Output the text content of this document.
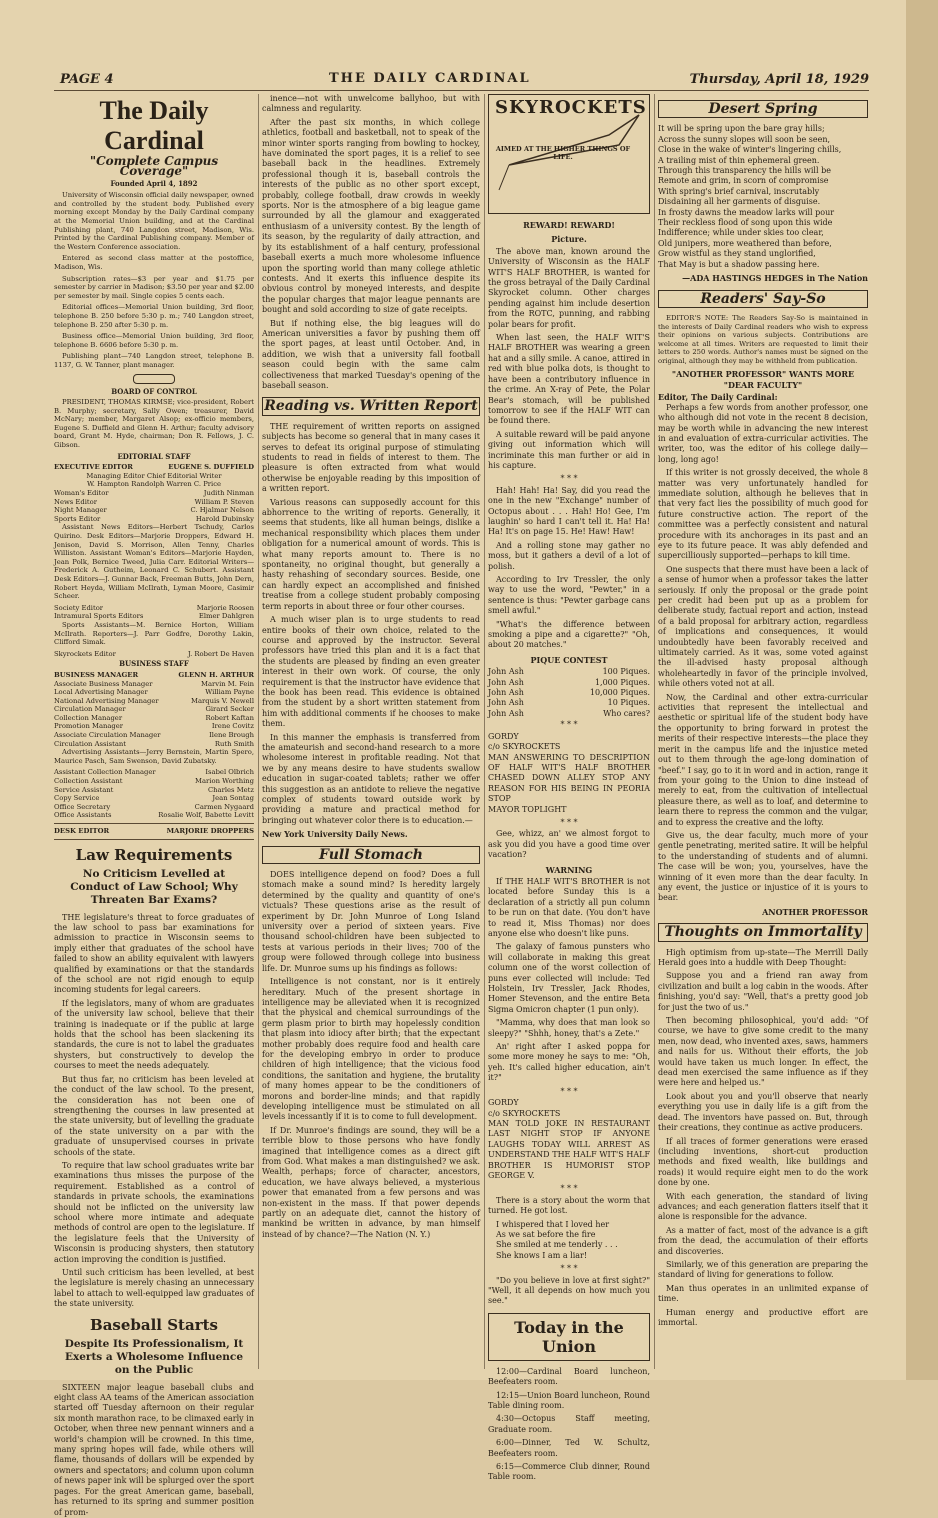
PAGE 4	THE DAILY CARDINAL	Thursday, April 18, 1929
The Daily Cardinal
"Complete Campus Coverage"
Founded April 4, 1892

University of Wisconsin official daily newspaper, owned and controlled by the student body. Published every morning except Monday by the Daily Cardinal company at the Memorial Union building, and at the Cardinal Publishing plant, 740 Langdon street, Madison, Wis. Printed by the Cardinal Publishing company. Member of the Western Conference association.

Entered as second class matter at the postoffice, Madison, Wis.

Subscription rates—$3 per year and $1.75 per semester by carrier in Madison; $3.50 per year and $2.00 per semester by mail. Single copies 5 cents each.

Editorial offices—Memorial Union building, 3rd floor, telephone B. 250 before 5:30 p. m.; 740 Langdon street, telephone B. 250 after 5:30 p. m.

Business office—Memorial Union building, 3rd floor, telephone B. 6606 before 5:30 p. m.

Publishing plant—740 Langdon street, telephone B. 1137, G. W. Tanner, plant manager.

BOARD OF CONTROL

PRESIDENT, THOMAS KIRMSE; vice-president, Robert B. Murphy; secretary, Sally Owen; treasurer, David McNary; member, Margaret Alsop; ex-officio members, Eugene S. Duffield and Glenn H. Arthur; faculty advisory board, Grant M. Hyde, chairman; Don R. Fellows, J. C. Gibson.

EDITORIAL STAFF
EXECUTIVE EDITOR	EUGENE S. DUFFIELD
Managing Editor Chief Editorial Writer
W. Hampton Randolph Warren C. Price
Woman's Editor	Judith Ninman
News Editor	William P. Steven
Night Manager	C. Hjalmar Nelson
Sports Editor	Harold Dubinsky

Assistant News Editors—Herbert Tschudy, Carlos Quirino. Desk Editors—Marjorie Droppers, Edward H. Jenison, David S. Morrison, Allen Tenny, Charles Williston. Assistant Woman's Editors—Marjorie Hayden, Jean Polk, Bernice Tweed, Julia Carr. Editorial Writers—Frederick A. Gutheim, Leonard C. Schubert. Assistant Desk Editors—J. Gunnar Back, Freeman Butts, John Dern, Robert Heyda, William McIlrath, Lyman Moore, Casimir Scheer.

Society Editor	Marjorie Roosen
Intramural Sports Editors	Elmer Dahlgren

Sports Assistants—M. Bernice Horton, William McIlrath. Reporters—J. Parr Godfre, Dorothy Lakin, Clifford Simak.

Skyrockets Editor	J. Robert De Haven
BUSINESS STAFF
BUSINESS MANAGER	GLENN H. ARTHUR
Associate Business Manager	Marvin M. Fein
Local Advertising Manager	William Payne
National Advertising Manager	Marquis V. Newell
Circulation Manager	Girard Secker
Collection Manager	Robert Kaftan
Promotion Manager	Irene Covitz
Associate Circulation Manager	Ilene Brough
Circulation Assistant	Ruth Smith

Advertising Assistants—Jerry Bernstein, Martin Spero, Maurice Pasch, Sam Swenson, David Zubatsky.

Assistant Collection Manager	Isabel Olbrich
Collection Assistant	Marion Worthing
Service Assistant	Charles Metz
Copy Service	Jean Sontag
Office Secretary	Carmen Nygaard
Office Assistants	Rosalie Wolf, Babette Levitt
DESK EDITOR	MARJORIE DROPPERS
Law Requirements
No Criticism Levelled at Conduct of Law School; Why Threaten Bar Exams?

THE legislature's threat to force graduates of the law school to pass bar examinations for admission to practice in Wisconsin seems to imply either that graduates of the school have failed to show an ability equivalent with lawyers qualified by examinations or that the standards of the school are not rigid enough to equip incoming students for legal careers.

If the legislators, many of whom are graduates of the university law school, believe that their training is inadequate or if the public at large holds that the school has been slackening its standards, the cure is not to label the graduates shysters, but constructively to develop the courses to meet the needs adequately.

But thus far, no criticism has been leveled at the conduct of the law school. To the present, the consideration has not been one of strengthening the courses in law presented at the state university, but of levelling the graduate of the state university on a par with the graduate of unsupervised courses in private schools of the state.

To require that law school graduates write bar examinations thus misses the purpose of the requirement. Established as a control of standards in private schools, the examinations should not be inflicted on the university law school where more intimate and adequate methods of control are open to the legislature. If the legislature feels that the University of Wisconsin is producing shysters, then statutory action improving the condition is justified.

Until such criticism has been levelled, at best the legislature is merely chasing an unnecessary label to attach to well-equipped law graduates of the state university.

Baseball Starts
Despite Its Professionalism, It Exerts a Wholesome Influence on the Public

SIXTEEN major league baseball clubs and eight class AA teams of the American association started off Tuesday afternoon on their regular six month marathon race, to be climaxed early in October, when three new pennant winners and a world's champion will be crowned. In this time, many spring hopes will fade, while others will flame, thousands of dollars will be expended by owners and spectators; and column upon column of news paper ink will be splurged over the sport pages. For the great American game, baseball, has returned to its spring and summer position of prom-

inence—not with unwelcome ballyhoo, but with calmness and regularity.

After the past six months, in which college athletics, football and basketball, not to speak of the minor winter sports ranging from bowling to hockey, have dominated the sport pages, it is a relief to see baseball back in the headlines. Extremely professional though it is, baseball controls the interests of the public as no other sport except, probably, college football, draw crowds in weekly sports. Nor is the atmosphere of a big league game surrounded by all the glamour and exaggerated enthusiasm of a university contest. By the length of its season, by the regularity of daily attraction, and by its establishment of a half century, professional baseball exerts a much more wholesome influence upon the sporting world than many college athletic contests. And it exerts this influence despite its obvious control by moneyed interests, and despite the popular charges that major league pennants are bought and sold according to size of gate receipts.

But if nothing else, the big leagues will do American universities a favor by pushing them off the sport pages, at least until October. And, in addition, we wish that a university fall football season could begin with the same calm collectiveness that marked Tuesday's opening of the baseball season.

Reading vs. Written Report

THE requirement of written reports on assigned subjects has become so general that in many cases it serves to defeat its original purpose of stimulating students to read in fields of interest to them. The pleasure is often extracted from what would otherwise be enjoyable reading by this imposition of a written report.

Various reasons can supposedly account for this abhorrence to the writing of reports. Generally, it seems that students, like all human beings, dislike a mechanical responsibility which places them under obligation for a numerical amount of words. This is what many reports amount to. There is no spontaneity, no original thought, but generally a hasty rehashing of secondary sources. Beside, one can hardly expect an accomplished and finished treatise from a college student probably composing term reports in about three or four other courses.

A much wiser plan is to urge students to read entire books of their own choice, related to the course and approved by the instructor. Several professors have tried this plan and it is a fact that the students are pleased by finding an even greater interest in their own work. Of course, the only requirement is that the instructor have evidence that the book has been read. This evidence is obtained from the student by a short written statement from him with additional comments if he chooses to make them.

In this manner the emphasis is transferred from the amateurish and second-hand research to a more wholesome interest in profitable reading. Not that we by any means desire to have students swallow education in sugar-coated tablets; rather we offer this suggestion as an antidote to relieve the negative complex of students toward outside work by providing a mature and practical method for bringing out whatever color there is to education.—

New York University Daily News.
Full Stomach

DOES intelligence depend on food? Does a full stomach make a sound mind? Is heredity largely determined by the quality and quantity of one's victuals? These questions arise as the result of experiment by Dr. John Munroe of Long Island university over a period of sixteen years. Five thousand school-children have been subjected to tests at various periods in their lives; 700 of the group were followed through college into business life. Dr. Munroe sums up his findings as follows:

Intelligence is not constant, nor is it entirely hereditary. Much of the present shortage in intelligence may be alleviated when it is recognized that the physical and chemical surroundings of the germ plasm prior to birth may hopelessly condition that plasm into idiocy after birth; that the expectant mother probably does require food and health care for the developing embryo in order to produce children of high intelligence; that the vicious food conditions, the sanitation and hygiene, the brutality of many homes appear to be the conditioners of morons and border-line minds; and that rapidly developing intelligence must be stimulated on all levels incessantly if it is to come to full development.

If Dr. Munroe's findings are sound, they will be a terrible blow to those persons who have fondly imagined that intelligence comes as a direct gift from God. What makes a man distinguished? we ask. Wealth, perhaps; force of character, ancestors, education, we have always believed, a mysterious power that emanated from a few persons and was non-existent in the mass. If that power depends partly on an adequate diet, cannot the history of mankind be written in advance, by man himself instead of by chance?—The Nation (N. Y.)

SKYROCKETS
AIMED AT THE HIGHER THINGS OF LIFE.
REWARD! REWARD!
Picture.

The above man, known around the University of Wisconsin as the HALF WIT'S HALF BROTHER, is wanted for the gross betrayal of the Daily Cardinal Skyrocket column. Other charges pending against him include desertion from the ROTC, punning, and rabbing polar bears for profit.

When last seen, the HALF WIT'S HALF BROTHER was wearing a green hat and a silly smile. A canoe, attired in red with blue polka dots, is thought to have been a contributory influence in the crime. An X-ray of Pete, the Polar Bear's stomach, will be published tomorrow to see if the HALF WIT can be found there.

A suitable reward will be paid anyone giving out information which will incriminate this man further or aid in his capture.

* * *

Hah! Hah! Ha! Say, did you read the one in the new "Exchange" number of Octopus about . . . Hah! Ho! Gee, I'm laughin' so hard I can't tell it. Ha! Ha! Ha! It's on page 15. He! Haw! Haw!

And a rolling stone may gather no moss, but it gathers a devil of a lot of polish.

According to Irv Tressler, the only way to use the word, "Pewter," in a sentence is thus: "Pewter garbage cans smell awful."

"What's the difference between smoking a pipe and a cigarette?" "Oh, about 20 matches."

PIQUE CONTEST
John Ash	100 Piques.
John Ash	1,000 Piques.
John Ash	10,000 Piques.
John Ash	10 Piques.
John Ash	Who cares?
* * *

GORDY
c/o SKYROCKETS
MAN ANSWERING TO DESCRIPTION OF HALF WIT'S HALF BROTHER CHASED DOWN ALLEY STOP ANY REASON FOR HIS BEING IN PEORIA STOP
MAYOR TOPLIGHT

* * *

Gee, whizz, an' we almost forgot to ask you did you have a good time over vacation?

WARNING

If THE HALF WIT'S BROTHER is not located before Sunday this is a declaration of a strictly all pun column to be run on that date. (You don't have to read it, Miss Thomas) nor does anyone else who doesn't like puns.

The galaxy of famous punsters who will collaborate in making this great column one of the worst collection of puns ever collected will include: Ted Holstein, Irv Tressler, Jack Rhodes, Homer Stevenson, and the entire Beta Sigma Omicron chapter (1 pun only).

"Mamma, why does that man look so sleepy?" "Shhh, honey, that's a Zete."

An' right after I asked poppa for some more money he says to me: "Oh, yeh. It's called higher education, ain't it?"

* * *

GORDY
c/o SKYROCKETS
MAN TOLD JOKE IN RESTAURANT LAST NIGHT STOP IF ANYONE LAUGHS TODAY WILL ARREST AS UNDERSTAND THE HALF WIT'S HALF BROTHER IS HUMORIST STOP GEORGE V.

* * *

There is a story about the worm that turned. He got lost.

I whispered that I loved her
As we sat before the fire
She smiled at me tenderly . . .
She knows I am a liar!

* * *

"Do you believe in love at first sight?" "Well, it all depends on how much you see."

Today in the Union

12:00—Cardinal Board luncheon, Beefeaters room.

12:15—Union Board luncheon, Round Table dining room.

4:30—Octopus Staff meeting, Graduate room.

6:00—Dinner, Ted W. Schultz, Beefeaters room.

6:15—Commerce Club dinner, Round Table room.

Desert Spring

It will be spring upon the bare gray hills;
Across the sunny slopes will soon be seen,
Close in the wake of winter's lingering chills,
A trailing mist of thin ephemeral green.
Through this transparency the hills will be
Remote and grim, in scorn of compromise
With spring's brief carnival, inscrutably
Disdaining all her garments of disguise.
In frosty dawns the meadow larks will pour
Their reckless flood of song upon this wide
Indifference; while under skies too clear,
Old junipers, more weathered than before,
Grow wistful as they stand unglorified,
That May is but a shadow passing here.

—ADA HASTINGS HEDGES in The Nation
Readers' Say-So

EDITOR'S NOTE: The Readers Say-So is maintained in the interests of Daily Cardinal readers who wish to express their opinions on various subjects. Contributions are welcome at all times. Writers are requested to limit their letters to 250 words. Author's names must be signed on the original, although they may be withheld from publication.

"ANOTHER PROFESSOR" WANTS MORE "DEAR FACULTY"
Editor, The Daily Cardinal:

Perhaps a few words from another professor, one who although did not vote in the recent 8 decision, may be worth while in advancing the new interest in and evaluation of extra-curricular activities. The writer, too, was the editor of his college daily—long, long ago!

If this writer is not grossly deceived, the whole 8 matter was very unfortunately handled for immediate solution, although he believes that in that very fact lies the possibility of much good for future constructive action. The report of the committee was a perfectly consistent and natural procedure with its anchorages in its past and an eye to its future peace. It was ably defended and supercilliously supported—perhaps to kill time.

One suspects that there must have been a lack of a sense of humor when a professor takes the latter seriously. If only the proposal or the grade point per credit had been put up as a problem for deliberate study, factual report and action, instead of a bald proposal for arbitrary action, regardless of implications and consequences, it would undoubtedly have been favorably received and ultimately carried. As it was, some voted against the ill-advised hasty proposal although wholeheartedly in favor of the principle involved, while others voted not at all.

Now, the Cardinal and other extra-curricular activities that represent the intellectual and aesthetic or spiritual life of the student body have the opportunity to bring forward in protest the merits of their respective interests—the place they merit in the campus life and the injustice meted out to them through the age-long domination of "beef." I say, go to it in word and in action, range it from your going to the Union to dine instead of merely to eat, from the cultivation of intellectual pleasure there, as well as to loaf, and determine to learn there to repress the common and the vulgar, and to express the creative and the lofty.

Give us, the dear faculty, much more of your gentle penetrating, merited satire. It will be helpful to the understanding of students and of alumni. The case will be won; you, yourselves, have the winning of it even more than the dear faculty. In any event, the justice or injustice of it is yours to bear.

ANOTHER PROFESSOR
Thoughts on Immortality

High optimism from up-state—The Merrill Daily Herald goes into a huddle with Deep Thought:

Suppose you and a friend ran away from civilization and built a log cabin in the woods. After finishing, you'd say: "Well, that's a pretty good job for just the two of us."

Then becoming philosophical, you'd add: "Of course, we have to give some credit to the many men, now dead, who invented axes, saws, hammers and nails for us. Without their efforts, the job would have taken us much longer. In effect, the dead men exercised the same influence as if they were here and helped us."

Look about you and you'll observe that nearly everything you use in daily life is a gift from the dead. The inventors have passed on. But, through their creations, they continue as active producers.

If all traces of former generations were erased (including inventions, short-cut production methods and fixed wealth, like buildings and roads) it would require eight men to do the work done by one.

With each generation, the standard of living advances; and each generation flatters itself that it alone is responsible for the advance.

As a matter of fact, most of the advance is a gift from the dead, the accumulation of their efforts and discoveries.

Similarly, we of this generation are preparing the standard of living for generations to follow.

Man thus operates in an unlimited expanse of time.

Human energy and productive effort are immortal.
